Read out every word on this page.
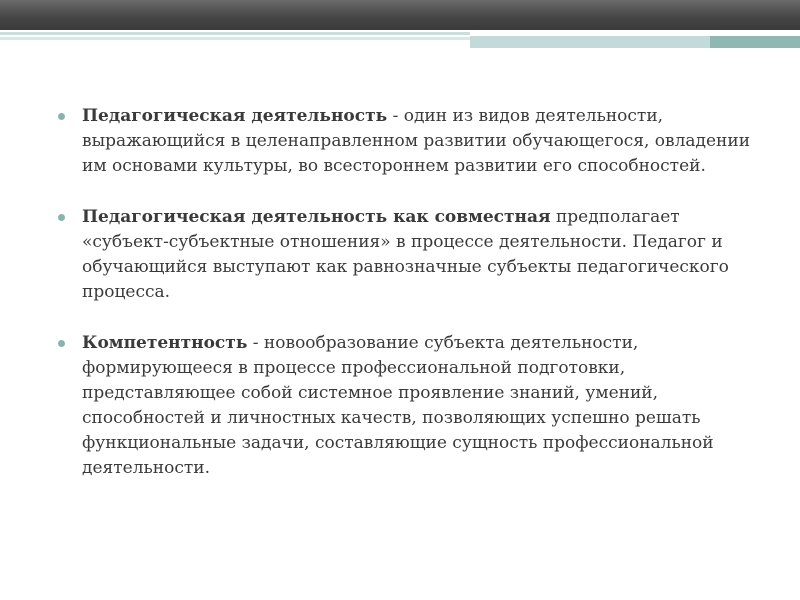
Педагогическая деятельность - один из видов деятельности, выражающийся в целенаправленном развитии обучающегося, овладении им основами культуры, во всестороннем развитии его способностей.
Педагогическая деятельность как совместная предполагает «субъект-субъектные отношения» в процессе деятельности. Педагог и обучающийся выступают как равнозначные субъекты педагогического процесса.
Компетентность - новообразование субъекта деятельности, формирующееся в процессе профессиональной подготовки, представляющее собой системное проявление знаний, умений, способностей и личностных качеств, позволяющих успешно решать функциональные задачи, составляющие сущность профессиональной деятельности.
